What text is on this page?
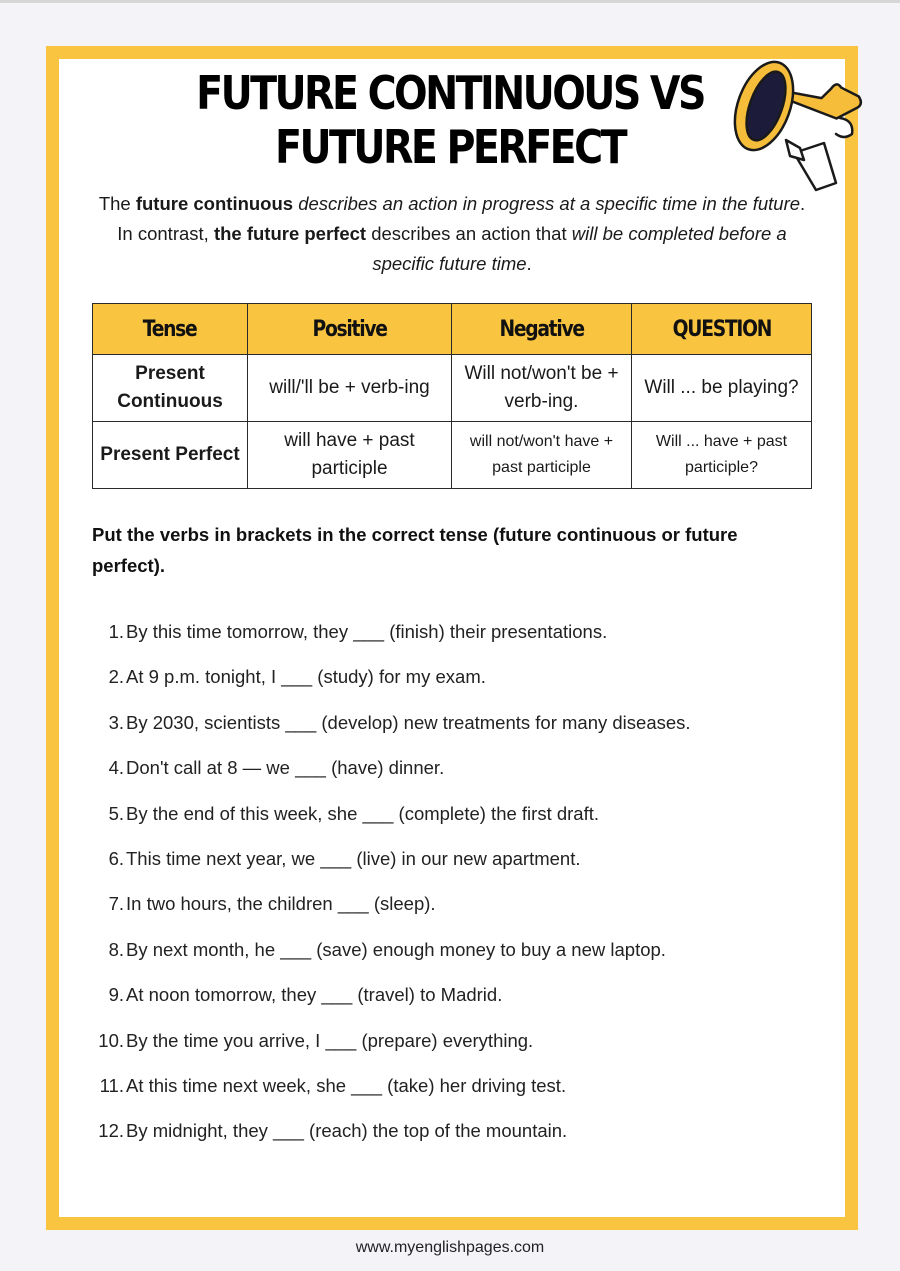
FUTURE CONTINUOUS VS FUTURE PERFECT
The future continuous describes an action in progress at a specific time in the future. In contrast, the future perfect describes an action that will be completed before a specific future time.
Tense	Positive	Negative	QUESTION
Present Continuous	will/'ll be + verb-ing	Will not/won't be + verb-ing.	Will ... be playing?
Present Perfect	will have + past participle	will not/won't have + past participle	Will ... have + past participle?
Put the verbs in brackets in the correct tense (future continuous or future perfect).
1. By this time tomorrow, they ___ (finish) their presentations.
2. At 9 p.m. tonight, I ___ (study) for my exam.
3. By 2030, scientists ___ (develop) new treatments for many diseases.
4. Don't call at 8 — we ___ (have) dinner.
5. By the end of this week, she ___ (complete) the first draft.
6. This time next year, we ___ (live) in our new apartment.
7. In two hours, the children ___ (sleep).
8. By next month, he ___ (save) enough money to buy a new laptop.
9. At noon tomorrow, they ___ (travel) to Madrid.
10. By the time you arrive, I ___ (prepare) everything.
11. At this time next week, she ___ (take) her driving test.
12. By midnight, they ___ (reach) the top of the mountain.
www.myenglishpages.com
